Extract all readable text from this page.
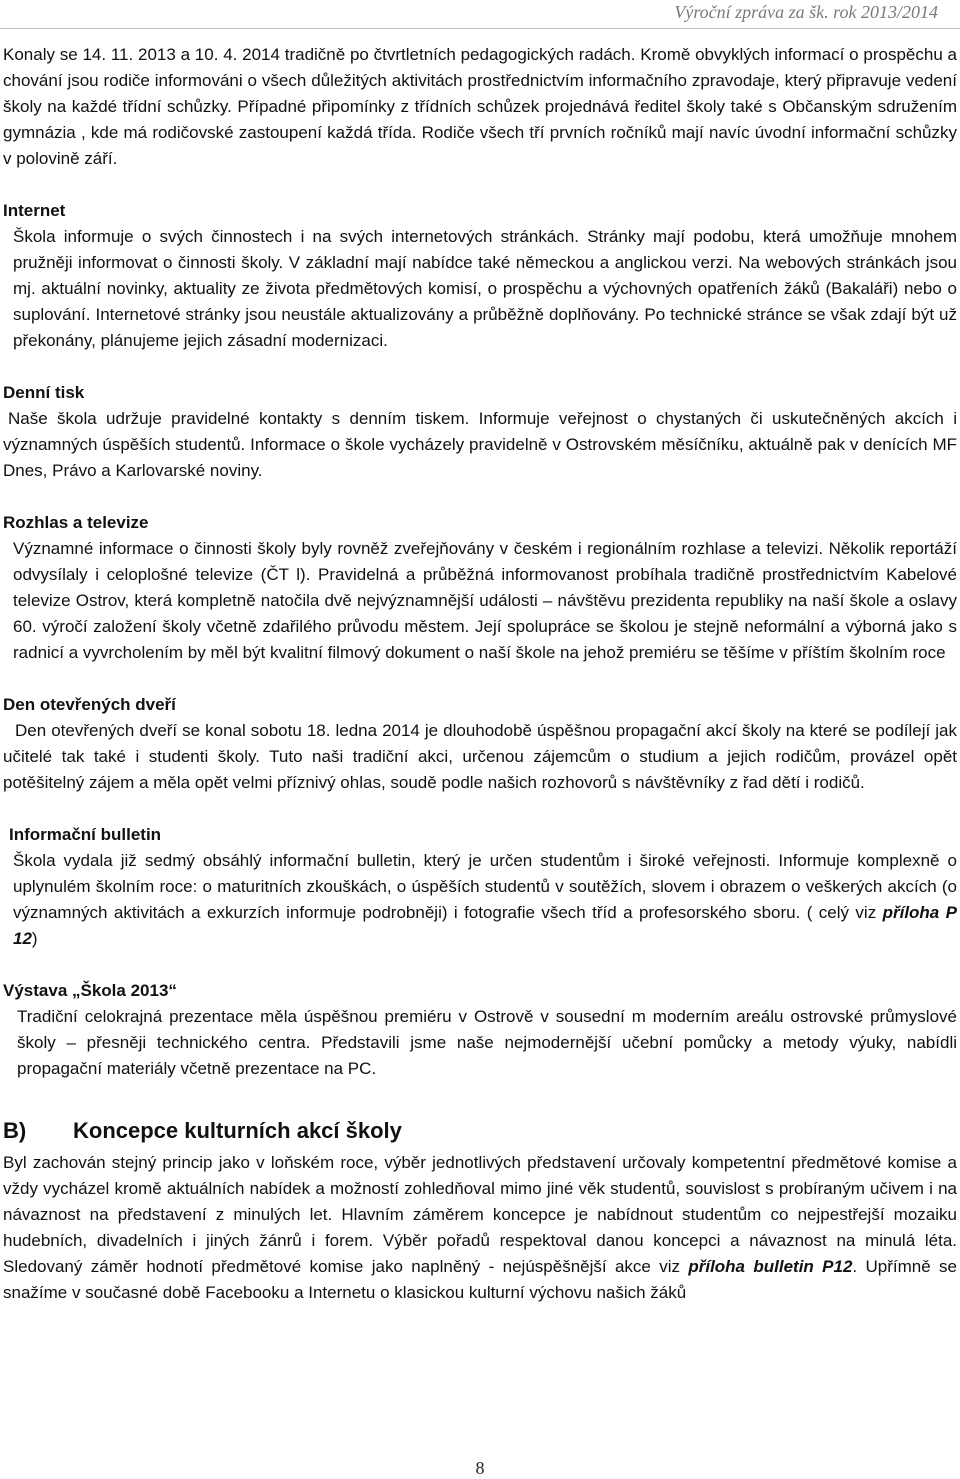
Výroční zpráva za šk. rok 2013/2014

Konaly se 14. 11. 2013 a 10. 4. 2014 tradičně po čtvrtletních pedagogických radách. Kromě obvyklých informací o prospěchu a chování jsou rodiče informováni o všech důležitých aktivitách prostřednictvím informačního zpravodaje, který připravuje vedení školy na každé třídní schůzky. Případné připomínky z třídních schůzek projednává ředitel školy také s Občanským sdružením gymnázia , kde má rodičovské zastoupení každá třída. Rodiče všech tří prvních ročníků mají navíc úvodní informační schůzky v polovině září.

Internet

Škola informuje o svých činnostech i na svých internetových stránkách. Stránky mají podobu, která umožňuje mnohem pružněji informovat o činnosti školy. V základní mají nabídce také německou a anglickou verzi. Na webových stránkách jsou mj. aktuální novinky, aktuality ze života předmětových komisí, o prospěchu a výchovných opatřeních žáků (Bakaláři) nebo o suplování. Internetové stránky jsou neustále aktualizovány a průběžně doplňovány. Po technické stránce se však zdají být už překonány, plánujeme jejich zásadní modernizaci.

Denní tisk

Naše škola udržuje pravidelné kontakty s denním tiskem. Informuje veřejnost o chystaných či uskutečněných akcích i významných úspěších studentů. Informace o škole vycházely pravidelně v Ostrovském měsíčníku, aktuálně pak v denících MF Dnes, Právo a Karlovarské noviny.

Rozhlas a televize

Významné informace o činnosti školy byly rovněž zveřejňovány v českém i regionálním rozhlase a televizi. Několik reportáží odvysílaly i celoplošné televize (ČT l). Pravidelná a průběžná informovanost probíhala tradičně prostřednictvím Kabelové televize Ostrov, která kompletně natočila dvě nejvýznamnější události – návštěvu prezidenta republiky na naší škole a oslavy 60. výročí založení školy včetně zdařilého průvodu městem. Její spolupráce se školou je stejně neformální a výborná jako s radnicí a vyvrcholením by měl být kvalitní filmový dokument o naší škole na jehož premiéru se těšíme v příštím školním roce

Den otevřených dveří

Den otevřených dveří se konal sobotu 18. ledna 2014 je dlouhodobě úspěšnou propagační akcí školy na které se podílejí jak učitelé tak také i studenti školy. Tuto naši tradiční akci, určenou zájemcům o studium a jejich rodičům, provázel opět potěšitelný zájem a měla opět velmi příznivý ohlas, soudě podle našich rozhovorů s návštěvníky z řad dětí i rodičů.

Informační bulletin

Škola vydala již sedmý obsáhlý informační bulletin, který je určen studentům i široké veřejnosti. Informuje komplexně o uplynulém školním roce: o maturitních zkouškách, o úspěších studentů v soutěžích, slovem i obrazem o veškerých akcích (o významných aktivitách a exkurzích informuje podrobněji) i fotografie všech tříd a profesorského sboru. ( celý viz příloha P 12)

Výstava „Škola 2013“

Tradiční celokrajná prezentace měla úspěšnou premiéru v Ostrově v sousední m moderním areálu ostrovské průmyslové školy – přesněji technického centra. Představili jsme naše nejmodernější učební pomůcky a metody výuky, nabídli propagační materiály včetně prezentace na PC.

B) Koncepce kulturních akcí školy

Byl zachován stejný princip jako v loňském roce, výběr jednotlivých představení určovaly kompetentní předmětové komise a vždy vycházel kromě aktuálních nabídek a možností zohledňoval mimo jiné věk studentů, souvislost s probíraným učivem i na návaznost na představení z minulých let. Hlavním záměrem koncepce je nabídnout studentům co nejpestřejší mozaiku hudebních, divadelních i jiných žánrů i forem. Výběr pořadů respektoval danou koncepci a návaznost na minulá léta. Sledovaný záměr hodnotí předmětové komise jako naplněný - nejúspěšnější akce viz příloha bulletin P12. Upřímně se snažíme v současné době Facebooku a Internetu o klasickou kulturní výchovu našich žáků

8
